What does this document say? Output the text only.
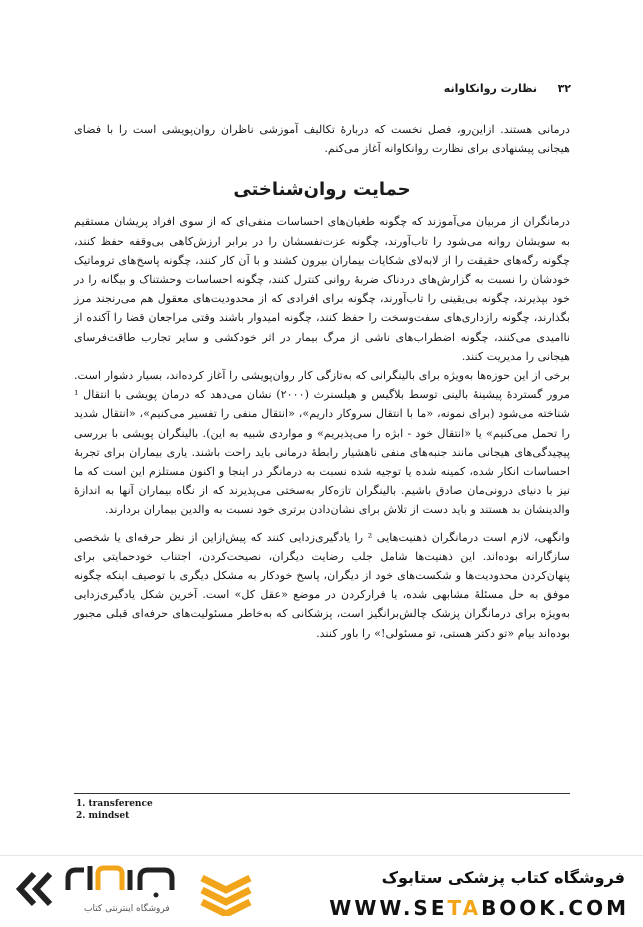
۳۲
نظارت روانکاوانه

درمانی هستند. ازاین‌رو، فصل نخست که دربارهٔ تکالیف آموزشی ناظران روان‌پویشی است را با فضای هیجانی پیشنهادی برای نظارت روانکاوانه آغاز می‌کنم.

حمایت روان‌شناختی

درمانگران از مربیان می‌آموزند که چگونه طغیان‌های احساسات منفی‌ای که از سوی افراد پریشان مستقیم به سویشان روانه می‌شود را تاب‌آورند، چگونه عزت‌نفسشان را در برابر ارزش‌کاهی بی‌وقفه حفظ کنند، چگونه رگه‌های حقیقت را از لابه‌لای شکایات بیماران بیرون کشند و با آن کار کنند، چگونه پاسخ‌های تروماتیک خودشان را نسبت به گزارش‌های دردناک ضربهٔ روانی کنترل کنند، چگونه احساسات وحشتناک و بیگانه را در خود بپذیرند، چگونه بی‌یقینی را تاب‌آورند، چگونه برای افرادی که از محدودیت‌های معقول هم می‌رنجند مرز بگذارند، چگونه رازداری‌های سفت‌وسخت را حفظ کنند، چگونه امیدوار باشند وقتی مراجعان قضا را آکنده از ناامیدی می‌کنند، چگونه اضطراب‌های ناشی از مرگ بیمار در اثر خودکشی و سایر تجارب طاقت‌فرسای هیجانی را مدیریت کنند.

برخی از این حوزه‌ها به‌ویژه برای بالینگرانی که به‌تازگی کار روان‌پویشی را آغاز کرده‌اند، بسیار دشوار است. مرور گستردهٔ پیشینهٔ بالینی توسط بلاگیس و هیلسنرث (۲۰۰۰) نشان می‌دهد که درمان پویشی با انتقال ¹ شناخته می‌شود (برای نمونه، «ما با انتقال سروکار داریم»، «انتقال منفی را تفسیر می‌کنیم»، «انتقال شدید را تحمل می‌کنیم» یا «انتقال خود - ابژه را می‌پذیریم» و مواردی شبیه به این). بالینگران پویشی با بررسی پیچیدگی‌های هیجانی مانند جنبه‌های منفی ناهشیار رابطهٔ درمانی باید راحت باشند. یاری بیماران برای تجربهٔ احساسات انکار شده، کمینه شده یا توجیه شده نسبت به درمانگر در اینجا و اکنون مستلزم این است که ما نیز با دنیای درونی‌مان صادق باشیم. بالینگران تازه‌کار به‌سختی می‌پذیرند که از نگاه بیماران آنها به اندازهٔ والدینشان بد هستند و باید دست از تلاش برای نشان‌دادن برتری خود نسبت به والدین بیماران بردارند.

وانگهی، لازم است درمانگران ذهنیت‌هایی ² را یادگیری‌زدایی کنند که پیش‌ازاین از نظر حرفه‌ای یا شخصی سازگارانه بوده‌اند. این ذهنیت‌ها شامل جلب رضایت دیگران، نصیحت‌کردن، اجتناب خودحمایتی برای پنهان‌کردن محدودیت‌ها و شکست‌های خود از دیگران، پاسخ خودکار به مشکل دیگری با توصیف اینکه چگونه موفق به حل مسئلهٔ مشابهی شده، یا فرارکردن در موضع «عقل کل» است. آخرین شکل یادگیری‌زدایی به‌ویژه برای درمانگران پزشک چالش‌برانگیز است، پزشکانی که به‌خاطر مسئولیت‌های حرفه‌ای قبلی مجبور بوده‌اند بیام «تو دکتر هستی، تو مسئولی!» را باور کنند.

1. transference
2. mindset
فروشگاه اینترنتی کتاب
فروشگاه کتاب پزشکی ستابوک
WWW.SETABOOK.COM
